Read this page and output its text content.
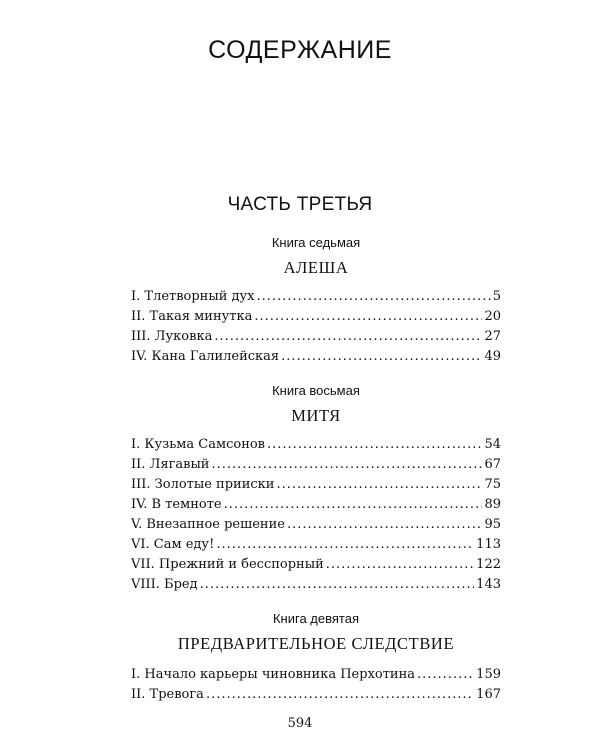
СОДЕРЖАНИЕ
ЧАСТЬ ТРЕТЬЯ
Книга седьмая
АЛЕША
I. Тлетворный дух .....	5
II. Такая минутка .....	20
III. Луковка .....	27
IV. Кана Галилейская .....	49
Книга восьмая
МИТЯ
I. Кузьма Самсонов .....	54
II. Лягавый .....	67
III. Золотые прииски .....	75
IV. В темноте .....	89
V. Внезапное решение .....	95
VI. Сам еду! .....	113
VII. Прежний и бесспорный .....	122
VIII. Бред .....	143
Книга девятая
ПРЕДВАРИТЕЛЬНОЕ СЛЕДСТВИЕ
I. Начало карьеры чиновника Перхотина .....	159
II. Тревога .....	167
594
